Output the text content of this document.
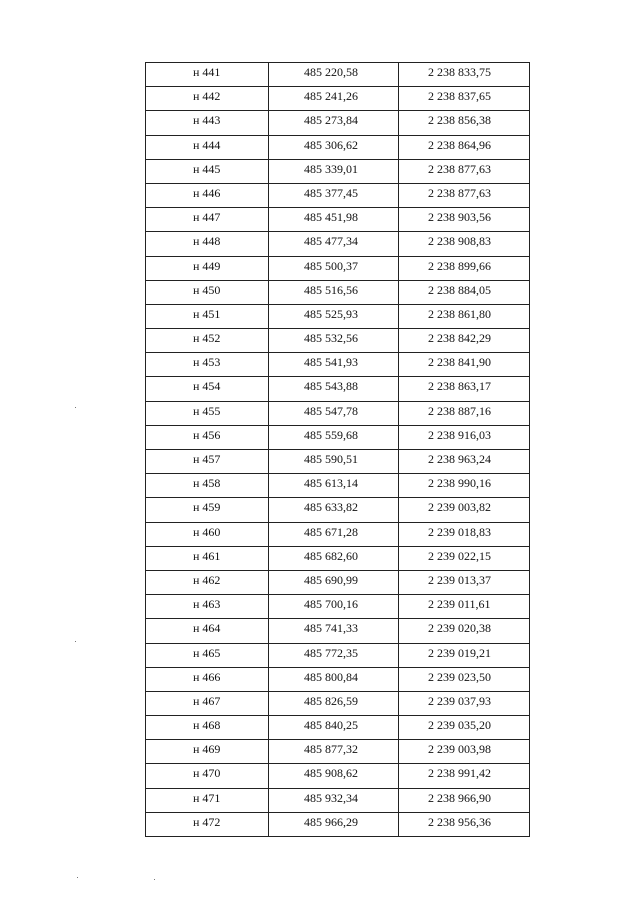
н 441	485 220,58	2 238 833,75
н 442	485 241,26	2 238 837,65
н 443	485 273,84	2 238 856,38
н 444	485 306,62	2 238 864,96
н 445	485 339,01	2 238 877,63
н 446	485 377,45	2 238 877,63
н 447	485 451,98	2 238 903,56
н 448	485 477,34	2 238 908,83
н 449	485 500,37	2 238 899,66
н 450	485 516,56	2 238 884,05
н 451	485 525,93	2 238 861,80
н 452	485 532,56	2 238 842,29
н 453	485 541,93	2 238 841,90
н 454	485 543,88	2 238 863,17
н 455	485 547,78	2 238 887,16
н 456	485 559,68	2 238 916,03
н 457	485 590,51	2 238 963,24
н 458	485 613,14	2 238 990,16
н 459	485 633,82	2 239 003,82
н 460	485 671,28	2 239 018,83
н 461	485 682,60	2 239 022,15
н 462	485 690,99	2 239 013,37
н 463	485 700,16	2 239 011,61
н 464	485 741,33	2 239 020,38
н 465	485 772,35	2 239 019,21
н 466	485 800,84	2 239 023,50
н 467	485 826,59	2 239 037,93
н 468	485 840,25	2 239 035,20
н 469	485 877,32	2 239 003,98
н 470	485 908,62	2 238 991,42
н 471	485 932,34	2 238 966,90
н 472	485 966,29	2 238 956,36
